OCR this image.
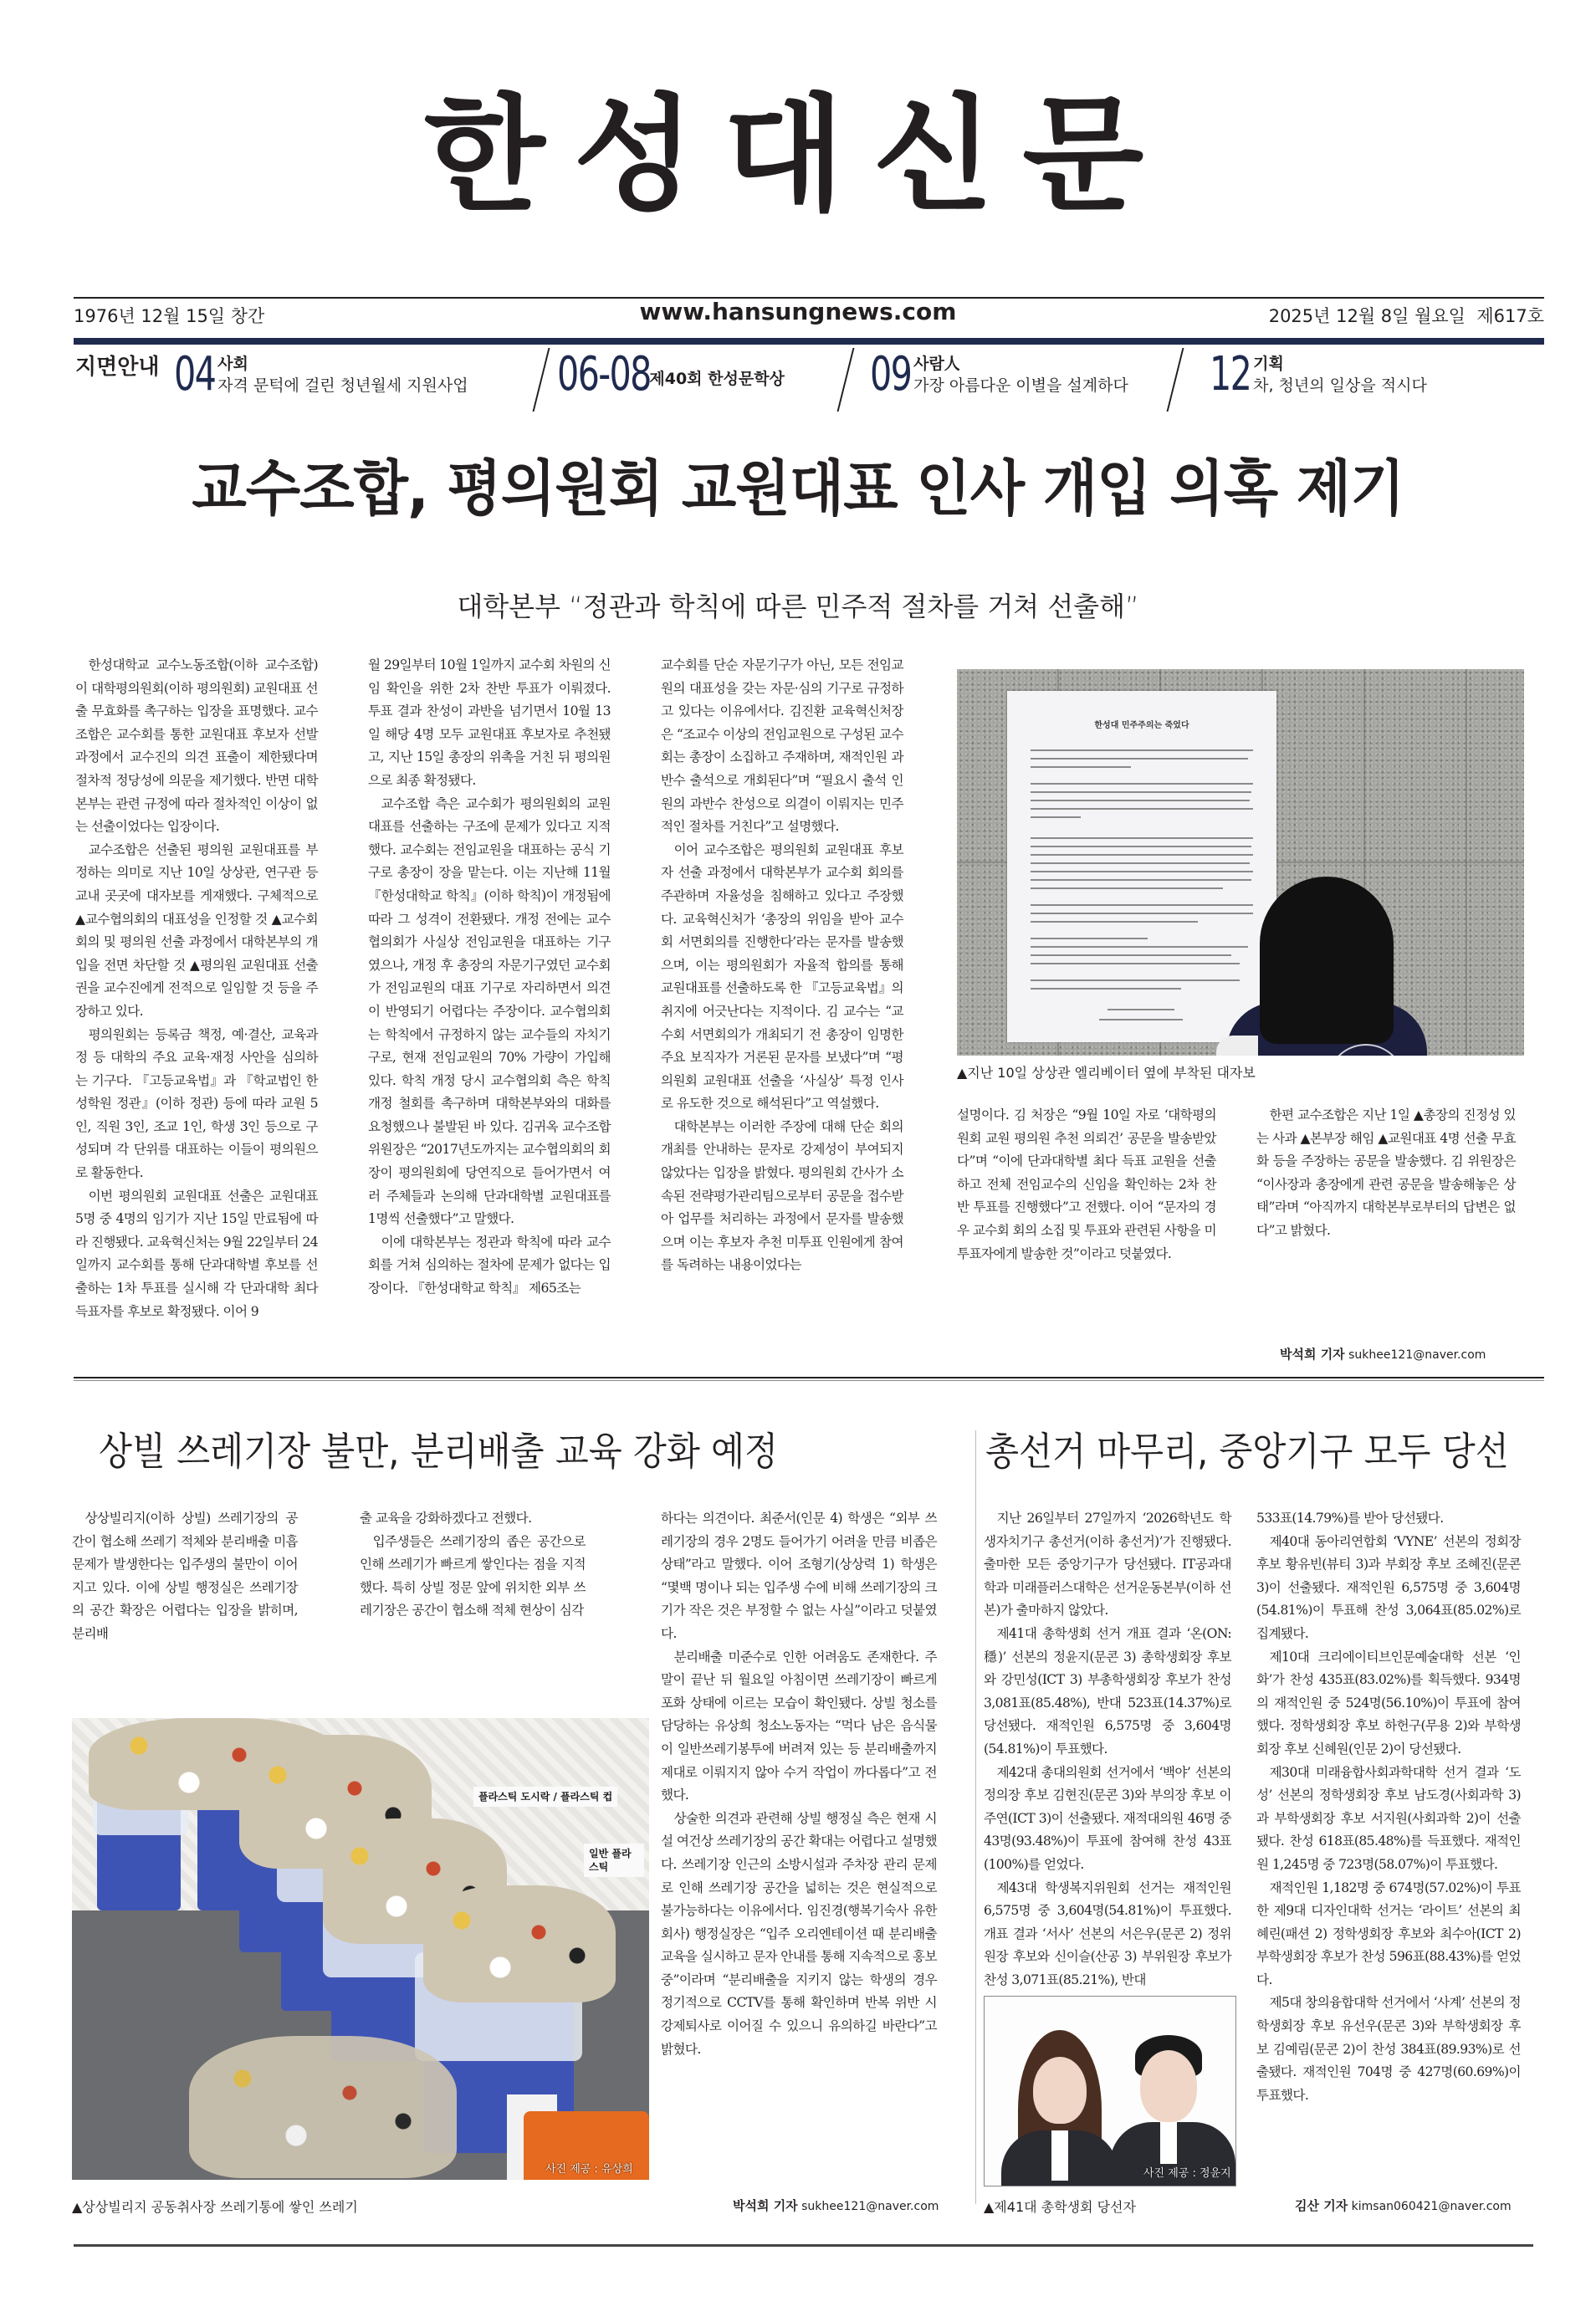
한성대신문
1976년 12월 15일 창간	www.hansungnews.com	2025년 12월 8일 월요일 제617호
지면안내 04 사회
자격 문턱에 걸린 청년월세 지원사업 06-08
제40회 한성문학상 09 사람人
가장 아름다운 이별을 설계하다 12 기획
차, 청년의 일상을 적시다
교수조합, 평의원회 교원대표 인사 개입 의혹 제기
대학본부 “정관과 학칙에 따른 민주적 절차를 거쳐 선출해”

한성대학교 교수노동조합(이하 교수조합)이 대학평의원회(이하 평의원회) 교원대표 선출 무효화를 촉구하는 입장을 표명했다. 교수조합은 교수회를 통한 교원대표 후보자 선발 과정에서 교수진의 의견 표출이 제한됐다며 절차적 정당성에 의문을 제기했다. 반면 대학본부는 관련 규정에 따라 절차적인 이상이 없는 선출이었다는 입장이다.

교수조합은 선출된 평의원 교원대표를 부정하는 의미로 지난 10일 상상관, 연구관 등 교내 곳곳에 대자보를 게재했다. 구체적으로 ▲교수협의회의 대표성을 인정할 것 ▲교수회 회의 및 평의원 선출 과정에서 대학본부의 개입을 전면 차단할 것 ▲평의원 교원대표 선출권을 교수진에게 전적으로 일임할 것 등을 주장하고 있다.

평의원회는 등록금 책정, 예·결산, 교육과정 등 대학의 주요 교육·재정 사안을 심의하는 기구다. 『고등교육법』과 『학교법인 한성학원 정관』(이하 정관) 등에 따라 교원 5인, 직원 3인, 조교 1인, 학생 3인 등으로 구성되며 각 단위를 대표하는 이들이 평의원으로 활동한다.

이번 평의원회 교원대표 선출은 교원대표 5명 중 4명의 임기가 지난 15일 만료됨에 따라 진행됐다. 교육혁신처는 9월 22일부터 24일까지 교수회를 통해 단과대학별 후보를 선출하는 1차 투표를 실시해 각 단과대학 최다 득표자를 후보로 확정됐다. 이어 9

월 29일부터 10월 1일까지 교수회 차원의 신임 확인을 위한 2차 찬반 투표가 이뤄졌다. 투표 결과 찬성이 과반을 넘기면서 10월 13일 해당 4명 모두 교원대표 후보자로 추천됐고, 지난 15일 총장의 위촉을 거친 뒤 평의원으로 최종 확정됐다.

교수조합 측은 교수회가 평의원회의 교원대표를 선출하는 구조에 문제가 있다고 지적했다. 교수회는 전임교원을 대표하는 공식 기구로 총장이 장을 맡는다. 이는 지난해 11월 『한성대학교 학칙』(이하 학칙)이 개정됨에 따라 그 성격이 전환됐다. 개정 전에는 교수협의회가 사실상 전임교원을 대표하는 기구였으나, 개정 후 총장의 자문기구였던 교수회가 전임교원의 대표 기구로 자리하면서 의견이 반영되기 어렵다는 주장이다. 교수협의회는 학칙에서 규정하지 않는 교수들의 자치기구로, 현재 전임교원의 70% 가량이 가입해 있다. 학칙 개정 당시 교수협의회 측은 학칙 개정 철회를 촉구하며 대학본부와의 대화를 요청했으나 불발된 바 있다. 김귀옥 교수조합 위원장은 “2017년도까지는 교수협의회의 회장이 평의원회에 당연직으로 들어가면서 여러 주체들과 논의해 단과대학별 교원대표를 1명씩 선출했다”고 말했다.

이에 대학본부는 정관과 학칙에 따라 교수회를 거쳐 심의하는 절차에 문제가 없다는 입장이다. 『한성대학교 학칙』 제65조는

교수회를 단순 자문기구가 아닌, 모든 전임교원의 대표성을 갖는 자문·심의 기구로 규정하고 있다는 이유에서다. 김진환 교육혁신처장은 “조교수 이상의 전임교원으로 구성된 교수회는 총장이 소집하고 주재하며, 재적인원 과반수 출석으로 개회된다”며 “필요시 출석 인원의 과반수 찬성으로 의결이 이뤄지는 민주적인 절차를 거친다”고 설명했다.

이어 교수조합은 평의원회 교원대표 후보자 선출 과정에서 대학본부가 교수회 회의를 주관하며 자율성을 침해하고 있다고 주장했다. 교육혁신처가 ‘총장의 위임을 받아 교수회 서면회의를 진행한다’라는 문자를 발송했으며, 이는 평의원회가 자율적 합의를 통해 교원대표를 선출하도록 한 『고등교육법』의 취지에 어긋난다는 지적이다. 김 교수는 “교수회 서면회의가 개최되기 전 총장이 임명한 주요 보직자가 거론된 문자를 보냈다”며 “평의원회 교원대표 선출을 ‘사실상’ 특정 인사로 유도한 것으로 해석된다”고 역설했다.

대학본부는 이러한 주장에 대해 단순 회의 개최를 안내하는 문자로 강제성이 부여되지 않았다는 입장을 밝혔다. 평의원회 간사가 소속된 전략평가관리팀으로부터 공문을 접수받아 업무를 처리하는 과정에서 문자를 발송했으며 이는 후보자 추천 미투표 인원에게 참여를 독려하는 내용이었다는

한성대 민주주의는 죽었다
▲지난 10일 상상관 엘리베이터 옆에 부착된 대자보

설명이다. 김 처장은 “9월 10일 자로 ‘대학평의원회 교원 평의원 추천 의뢰건’ 공문을 발송받았다”며 “이에 단과대학별 최다 득표 교원을 선출하고 전체 전임교수의 신임을 확인하는 2차 찬반 투표를 진행했다”고 전했다. 이어 “문자의 경우 교수회 회의 소집 및 투표와 관련된 사항을 미투표자에게 발송한 것”이라고 덧붙였다.

한편 교수조합은 지난 1일 ▲총장의 진정성 있는 사과 ▲본부장 해임 ▲교원대표 4명 선출 무효화 등을 주장하는 공문을 발송했다. 김 위원장은 “이사장과 총장에게 관련 공문을 발송해놓은 상태”라며 “아직까지 대학본부로부터의 답변은 없다”고 밝혔다.

박석희 기자 sukhee121@naver.com
상빌 쓰레기장 불만, 분리배출 교육 강화 예정

상상빌리지(이하 상빌) 쓰레기장의 공간이 협소해 쓰레기 적체와 분리배출 미흡 문제가 발생한다는 입주생의 불만이 이어지고 있다. 이에 상빌 행정실은 쓰레기장의 공간 확장은 어렵다는 입장을 밝히며, 분리배

출 교육을 강화하겠다고 전했다.

입주생들은 쓰레기장의 좁은 공간으로 인해 쓰레기가 빠르게 쌓인다는 점을 지적했다. 특히 상빌 정문 앞에 위치한 외부 쓰레기장은 공간이 협소해 적체 현상이 심각

하다는 의견이다. 최준서(인문 4) 학생은 “외부 쓰레기장의 경우 2명도 들어가기 어려울 만큼 비좁은 상태”라고 말했다. 이어 조형기(상상력 1) 학생은 “몇백 명이나 되는 입주생 수에 비해 쓰레기장의 크기가 작은 것은 부정할 수 없는 사실”이라고 덧붙였다.

분리배출 미준수로 인한 어려움도 존재한다. 주말이 끝난 뒤 월요일 아침이면 쓰레기장이 빠르게 포화 상태에 이르는 모습이 확인됐다. 상빌 청소를 담당하는 유상희 청소노동자는 “먹다 남은 음식물이 일반쓰레기봉투에 버려져 있는 등 분리배출까지 제대로 이뤄지지 않아 수거 작업이 까다롭다”고 전했다.

상술한 의견과 관련해 상빌 행정실 측은 현재 시설 여건상 쓰레기장의 공간 확대는 어렵다고 설명했다. 쓰레기장 인근의 소방시설과 주차장 관리 문제로 인해 쓰레기장 공간을 넓히는 것은 현실적으로 불가능하다는 이유에서다. 임진경(행복기숙사 유한회사) 행정실장은 “입주 오리엔테이션 때 분리배출 교육을 실시하고 문자 안내를 통해 지속적으로 홍보 중”이라며 “분리배출을 지키지 않는 학생의 경우 정기적으로 CCTV를 통해 확인하며 반복 위반 시 강제퇴사로 이어질 수 있으니 유의하길 바란다”고 밝혔다.

플라스틱 도시락 / 플라스틱 컵
일반 플라스틱
사진 제공 : 유상희
▲상상빌리지 공동취사장 쓰레기통에 쌓인 쓰레기	박석희 기자 sukhee121@naver.com
총선거 마무리, 중앙기구 모두 당선

지난 26일부터 27일까지 ‘2026학년도 학생자치기구 총선거(이하 총선거)’가 진행됐다. 출마한 모든 중앙기구가 당선됐다. IT공과대학과 미래플러스대학은 선거운동본부(이하 선본)가 출마하지 않았다.

제41대 총학생회 선거 개표 결과 ‘온(ON:穩)’ 선본의 정윤지(문콘 3) 총학생회장 후보와 강민성(ICT 3) 부총학생회장 후보가 찬성 3,081표(85.48%), 반대 523표(14.37%)로 당선됐다. 재적인원 6,575명 중 3,604명(54.81%)이 투표했다.

제42대 총대의원회 선거에서 ‘백야’ 선본의 정의장 후보 김현진(문콘 3)와 부의장 후보 이주연(ICT 3)이 선출됐다. 재적대의원 46명 중 43명(93.48%)이 투표에 참여해 찬성 43표(100%)를 얻었다.

제43대 학생복지위원회 선거는 재적인원 6,575명 중 3,604명(54.81%)이 투표했다. 개표 결과 ‘서사’ 선본의 서은우(문콘 2) 정위원장 후보와 신이슬(산공 3) 부위원장 후보가 찬성 3,071표(85.21%), 반대

533표(14.79%)를 받아 당선됐다.

제40대 동아리연합회 ‘VYNE’ 선본의 정회장 후보 황유빈(뷰티 3)과 부회장 후보 조혜진(문콘 3)이 선출됐다. 재적인원 6,575명 중 3,604명(54.81%)이 투표해 찬성 3,064표(85.02%)로 집계됐다.

제10대 크리에이티브인문예술대학 선본 ‘인화’가 찬성 435표(83.02%)를 획득했다. 934명의 재적인원 중 524명(56.10%)이 투표에 참여했다. 정학생회장 후보 하헌구(무용 2)와 부학생회장 후보 신혜원(인문 2)이 당선됐다.

제30대 미래융합사회과학대학 선거 결과 ‘도성’ 선본의 정학생회장 후보 남도경(사회과학 3)과 부학생회장 후보 서지원(사회과학 2)이 선출됐다. 찬성 618표(85.48%)를 득표했다. 재적인원 1,245명 중 723명(58.07%)이 투표했다.

재적인원 1,182명 중 674명(57.02%)이 투표한 제9대 디자인대학 선거는 ‘라이트’ 선본의 최혜린(패션 2) 정학생회장 후보와 최수아(ICT 2) 부학생회장 후보가 찬성 596표(88.43%)를 얻었다.

제5대 창의융합대학 선거에서 ‘사계’ 선본의 정학생회장 후보 유선우(문콘 3)와 부학생회장 후보 김예림(문콘 2)이 찬성 384표(89.93%)로 선출됐다. 재적인원 704명 중 427명(60.69%)이 투표했다.

사진 제공 : 정윤지
▲제41대 총학생회 당선자	김산 기자 kimsan060421@naver.com
